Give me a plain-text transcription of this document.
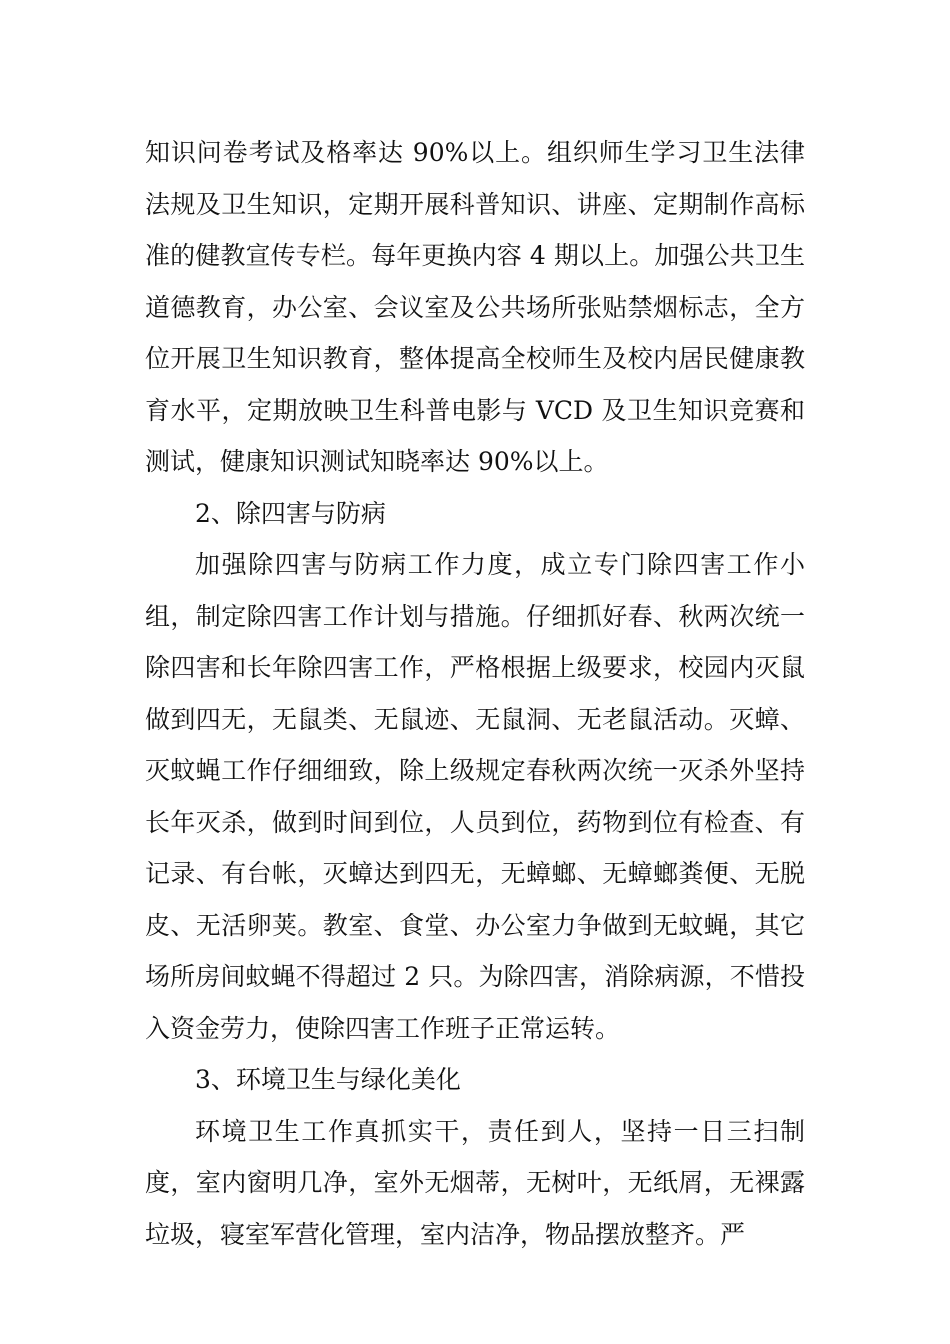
知识问卷考试及格率达 90%以上。组织师生学习卫生法律法规及卫生知识，定期开展科普知识、讲座、定期制作高标准的健教宣传专栏。每年更换内容 4 期以上。加强公共卫生道德教育，办公室、会议室及公共场所张贴禁烟标志，全方位开展卫生知识教育，整体提高全校师生及校内居民健康教育水平，定期放映卫生科普电影与 VCD 及卫生知识竞赛和测试，健康知识测试知晓率达 90%以上。

2、除四害与防病

加强除四害与防病工作力度，成立专门除四害工作小组，制定除四害工作计划与措施。仔细抓好春、秋两次统一除四害和长年除四害工作，严格根据上级要求，校园内灭鼠做到四无，无鼠类、无鼠迹、无鼠洞、无老鼠活动。灭蟑、灭蚊蝇工作仔细细致，除上级规定春秋两次统一灭杀外坚持长年灭杀，做到时间到位，人员到位，药物到位有检查、有记录、有台帐，灭蟑达到四无，无蟑螂、无蟑螂粪便、无脱皮、无活卵荚。教室、食堂、办公室力争做到无蚊蝇，其它场所房间蚊蝇不得超过 2 只。为除四害，消除病源，不惜投入资金劳力，使除四害工作班子正常运转。

3、环境卫生与绿化美化

环境卫生工作真抓实干，责任到人，坚持一日三扫制度，室内窗明几净，室外无烟蒂，无树叶，无纸屑，无裸露垃圾，寝室军营化管理，室内洁净，物品摆放整齐。严
